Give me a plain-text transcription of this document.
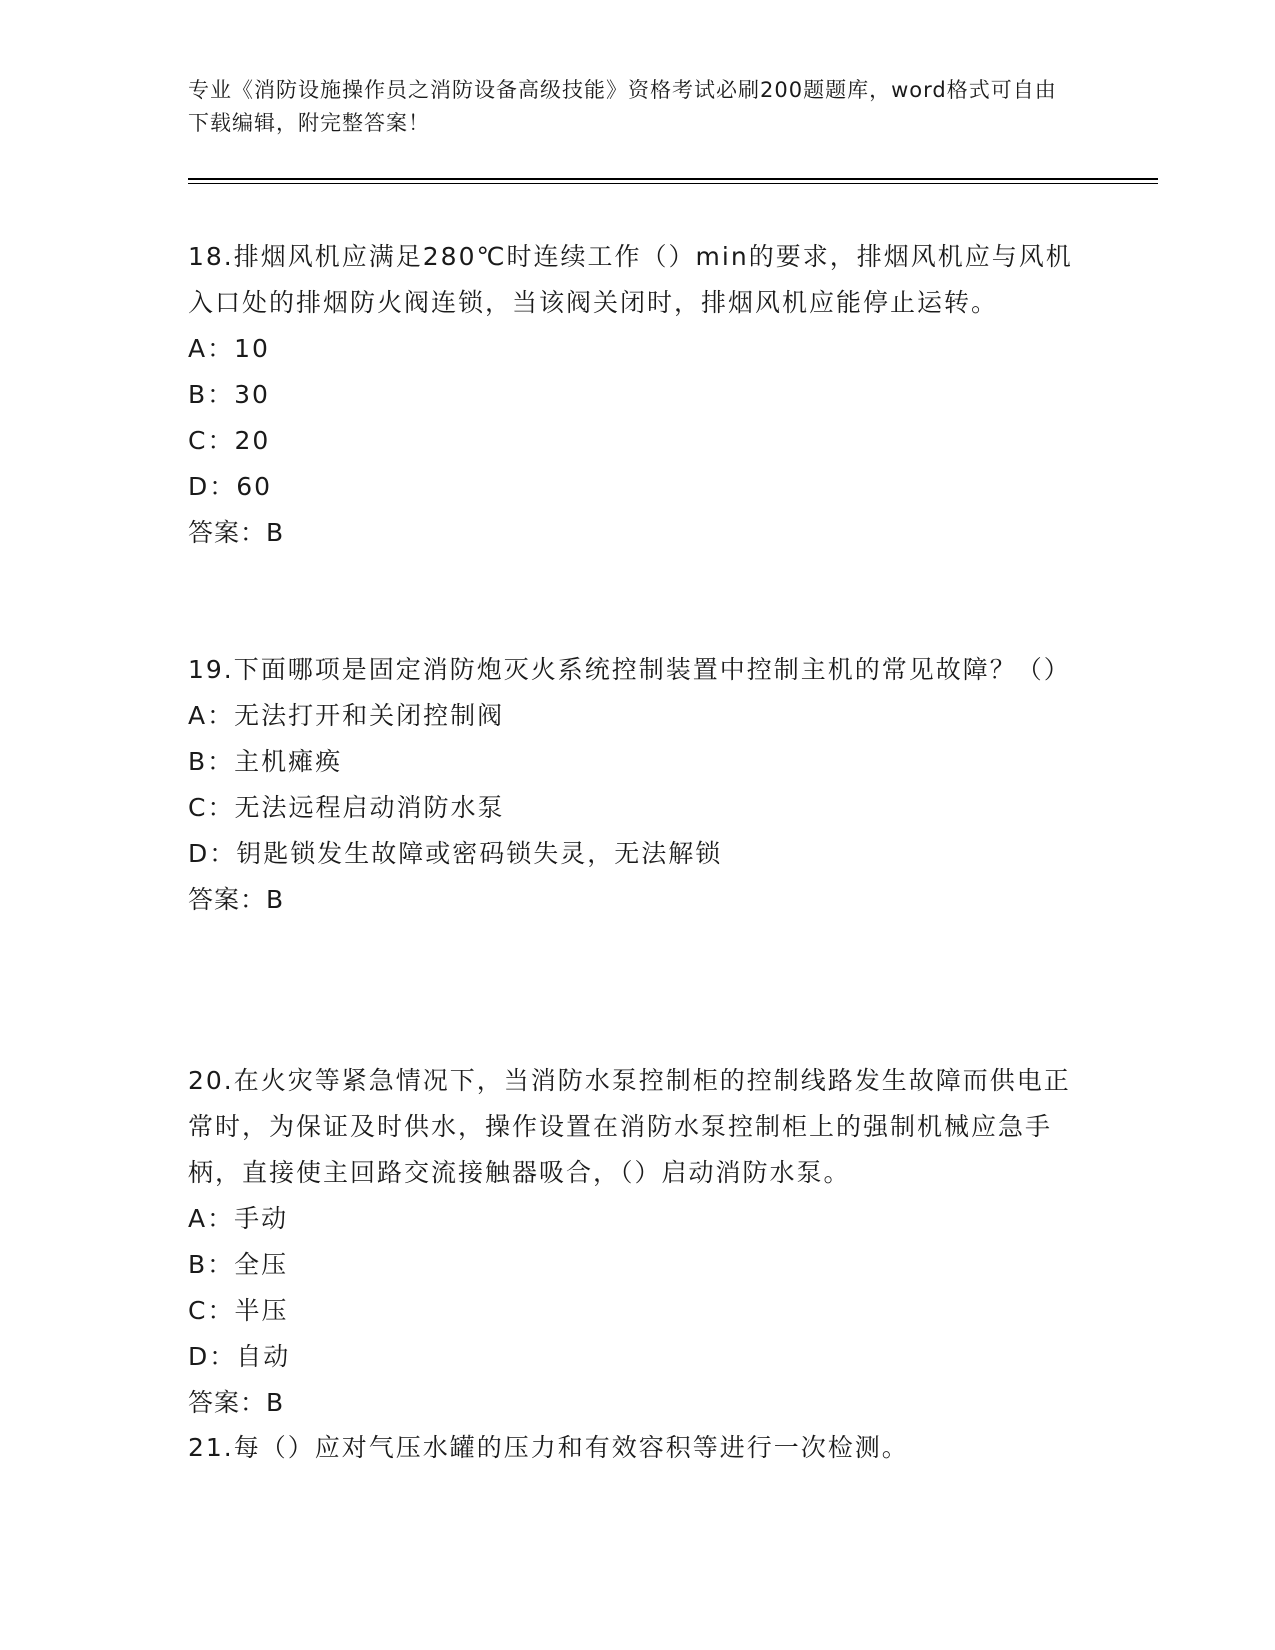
专业《消防设施操作员之消防设备高级技能》资格考试必刷200题题库，word格式可自由下载编辑，附完整答案！

18.排烟风机应满足280℃时连续工作（）min的要求，排烟风机应与风机入口处的排烟防火阀连锁，当该阀关闭时，排烟风机应能停止运转。

A：10

B：30

C：20

D：60

答案：B

19.下面哪项是固定消防炮灭火系统控制装置中控制主机的常见故障？（）

A：无法打开和关闭控制阀

B：主机瘫痪

C：无法远程启动消防水泵

D：钥匙锁发生故障或密码锁失灵，无法解锁

答案：B

20.在火灾等紧急情况下，当消防水泵控制柜的控制线路发生故障而供电正常时，为保证及时供水，操作设置在消防水泵控制柜上的强制机械应急手柄，直接使主回路交流接触器吸合，（）启动消防水泵。

A：手动

B：全压

C：半压

D：自动

答案：B

21.每（）应对气压水罐的压力和有效容积等进行一次检测。
